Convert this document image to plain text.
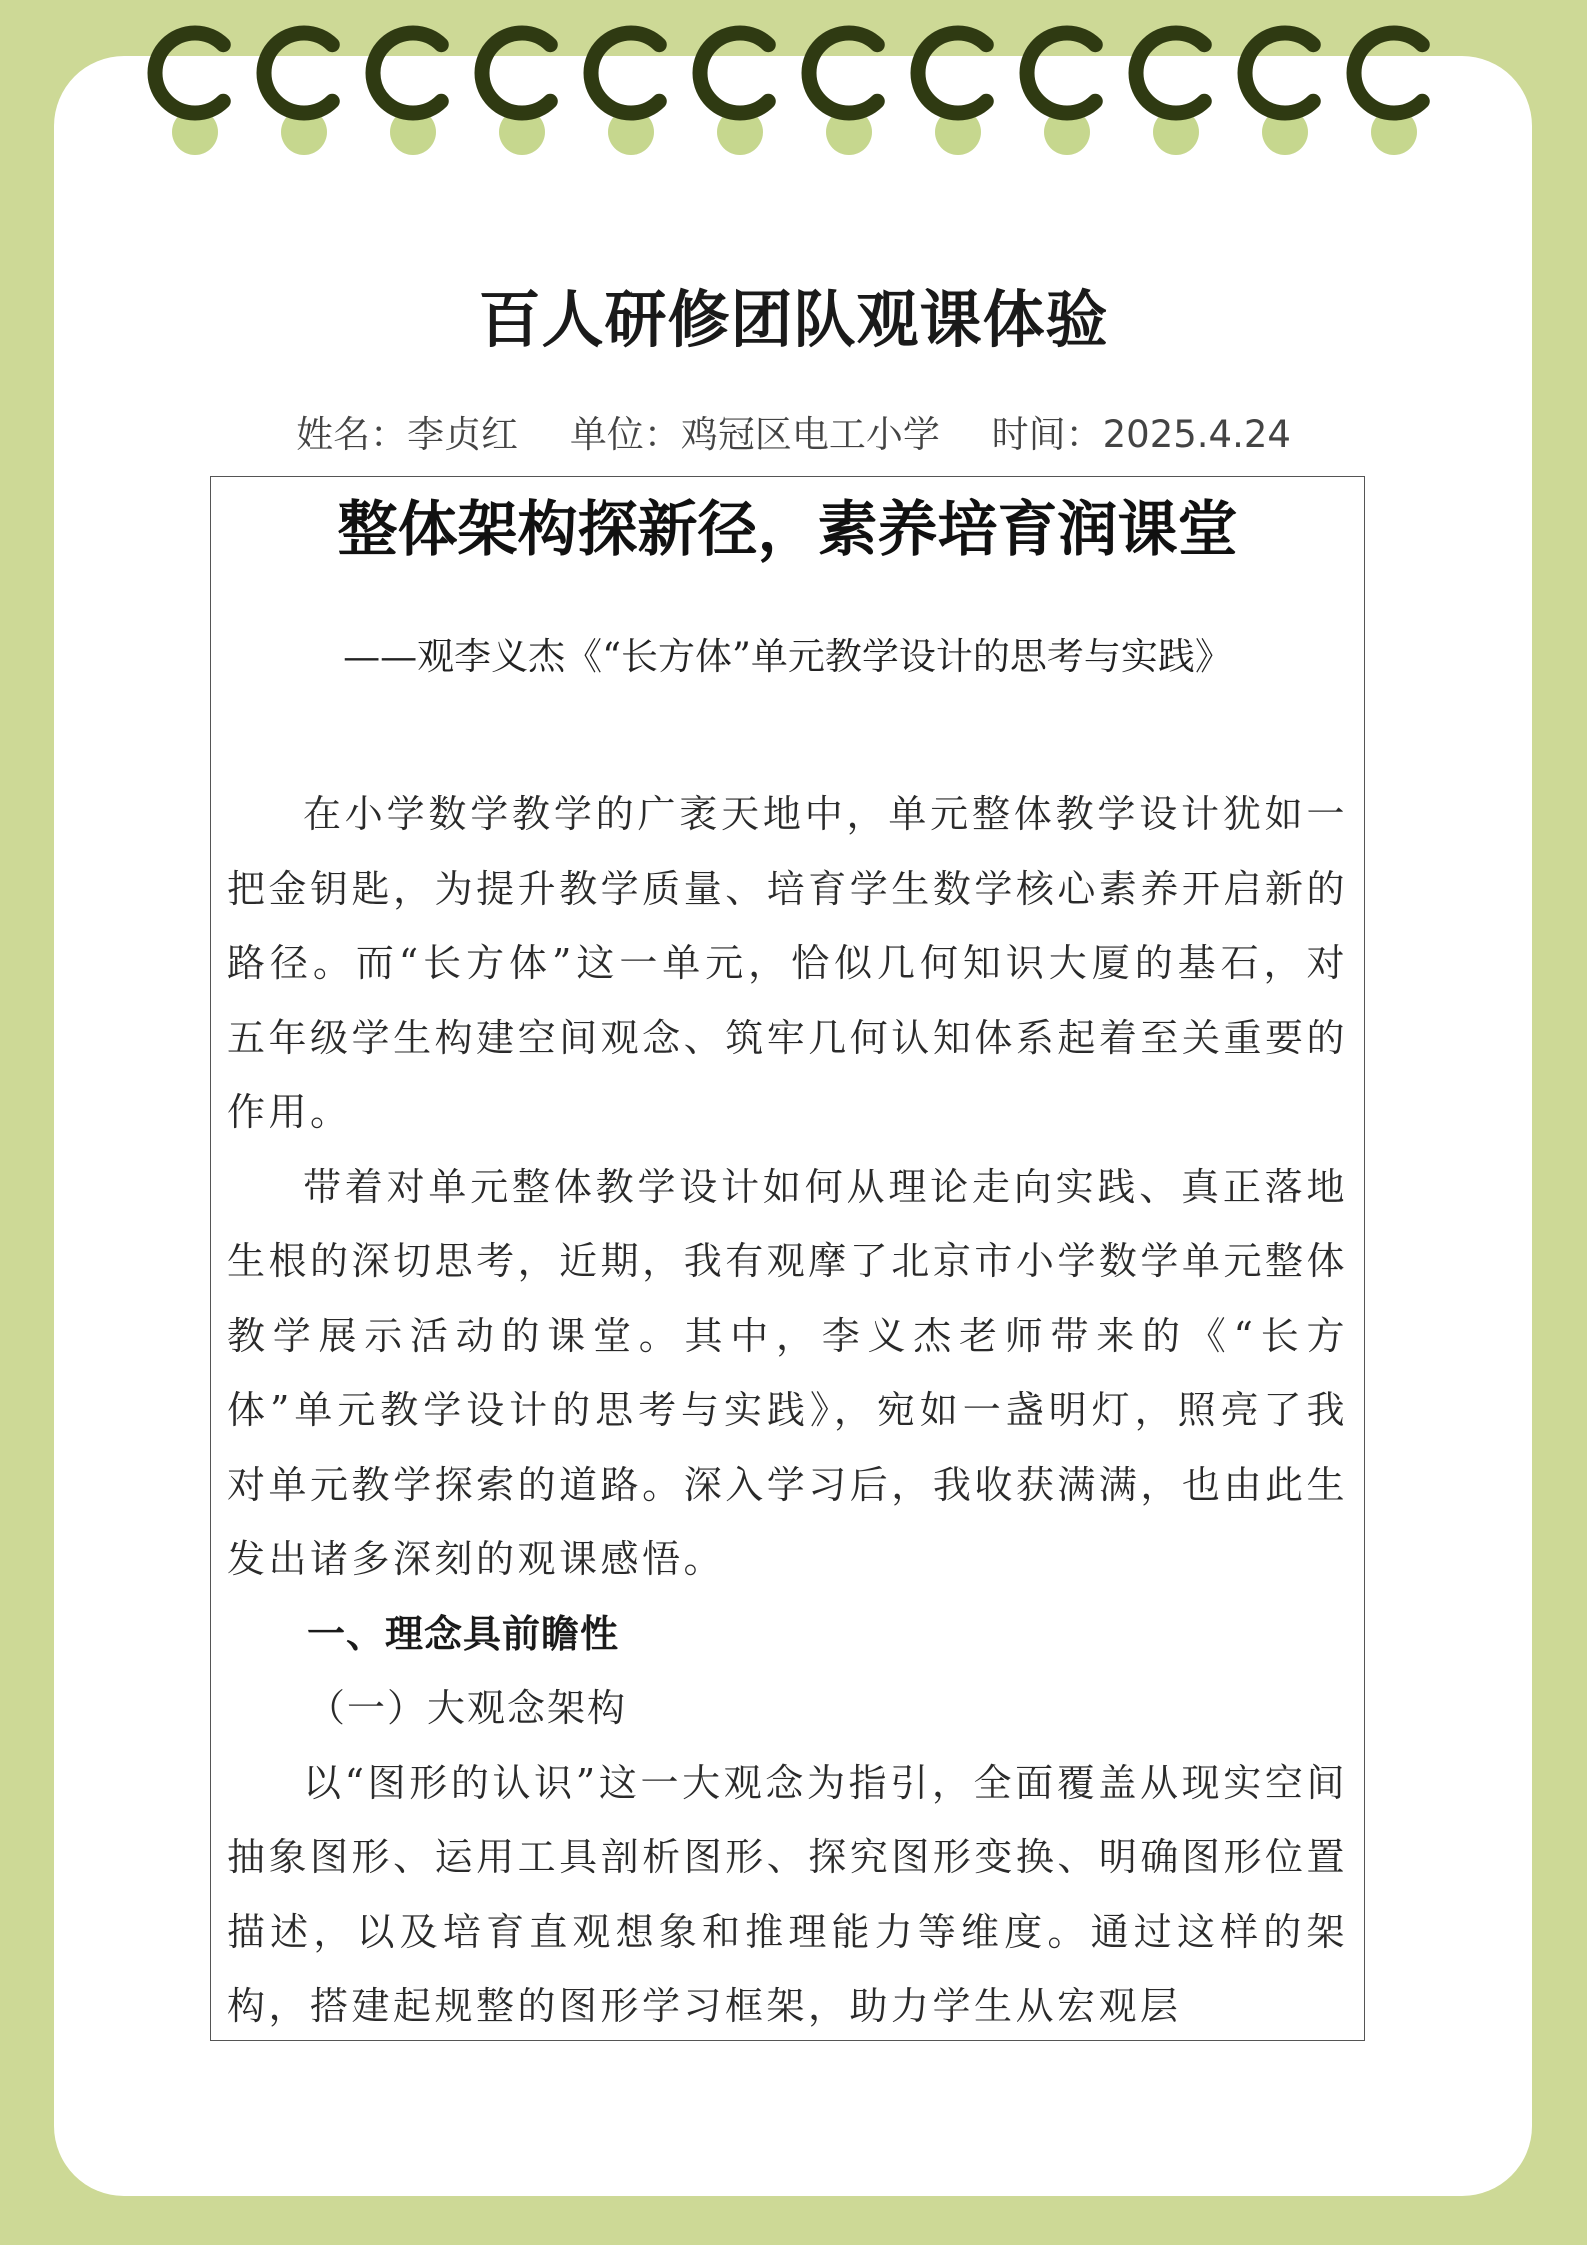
百人研修团队观课体验
姓名：李贞红 单位：鸡冠区电工小学 时间：2025.4.24
整体架构探新径，素养培育润课堂
——观李义杰《“长方体”单元教学设计的思考与实践》

在小学数学教学的广袤天地中，单元整体教学设计犹如一把金钥匙，为提升教学质量、培育学生数学核心素养开启新的路径。而“长方体”这一单元，恰似几何知识大厦的基石，对五年级学生构建空间观念、筑牢几何认知体系起着至关重要的作用。

带着对单元整体教学设计如何从理论走向实践、真正落地生根的深切思考，近期，我有观摩了北京市小学数学单元整体教学展示活动的课堂。其中，李义杰老师带来的《“长方体”单元教学设计的思考与实践》，宛如一盏明灯，照亮了我对单元教学探索的道路。深入学习后，我收获满满，也由此生发出诸多深刻的观课感悟。

一、理念具前瞻性
（一）大观念架构

以“图形的认识”这一大观念为指引，全面覆盖从现实空间抽象图形、运用工具剖析图形、探究图形变换、明确图形位置描述，以及培育直观想象和推理能力等维度。通过这样的架构，搭建起规整的图形学习框架，助力学生从宏观层
